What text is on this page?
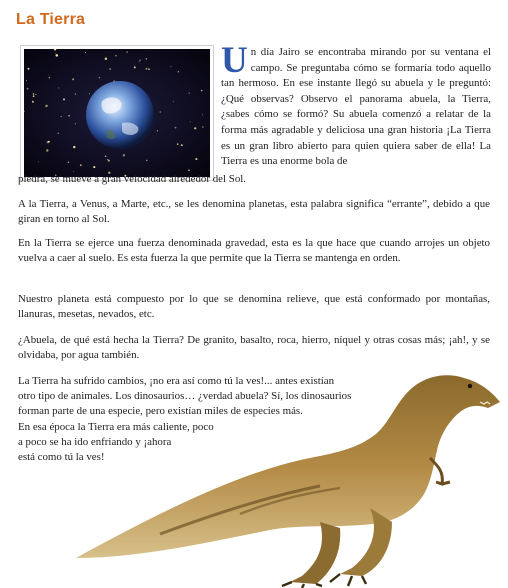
La Tierra
Un día Jairo se encontraba mirando por su ventana el campo. Se preguntaba cómo se formaría todo aquello tan hermoso. En ese instante llegó su abuela y le preguntó: ¿Qué observas? Observo el panorama abuela, la Tierra, ¿sabes cómo se formó? Su abuela comenzó a relatar de la forma más agradable y deliciosa una gran historia ¡La Tierra es un gran libro abierto para quien quiera saber de ella! La Tierra es una enorme bola de
piedra, se mueve a gran velocidad alrededor del Sol.

A la Tierra, a Venus, a Marte, etc., se les denomina planetas, esta palabra significa “errante”, debido a que giran en torno al Sol.

En la Tierra se ejerce una fuerza denominada gravedad, esta es la que hace que cuando arrojes un objeto vuelva a caer al suelo. Es esta fuerza la que permite que la Tierra se mantenga en orden.

Nuestro planeta está compuesto por lo que se denomina relieve, que está conformado por montañas, llanuras, mesetas, nevados, etc.

¿Abuela, de qué está hecha la Tierra? De granito, basalto, roca, hierro, níquel y otras cosas más; ¡ah!, y se olvidaba, por agua también.

La Tierra ha sufrido cambios, ¡no era así como tú la ves!... antes existían
otro tipo de animales. Los dinosaurios… ¿verdad abuela? Sí, los dinosaurios
forman parte de una especie, pero existían miles de especies más.
En esa época la Tierra era más caliente, poco
a poco se ha ido enfriando y ¡ahora
está como tú la ves!
